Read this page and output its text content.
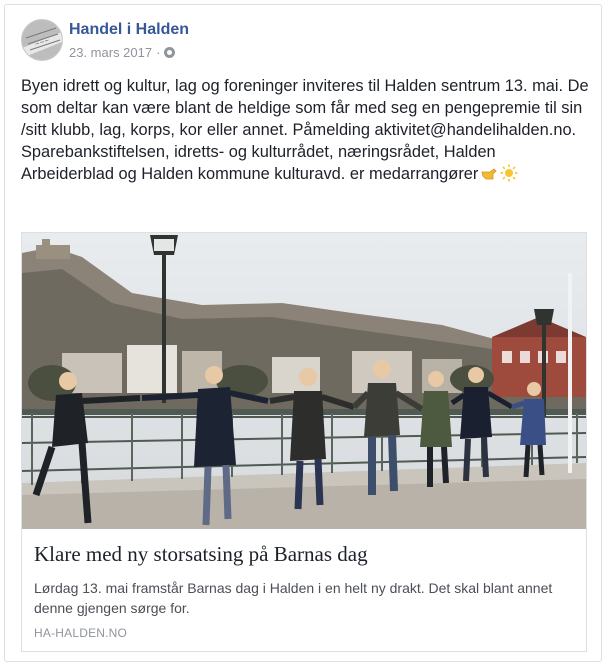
~~~
Handel i Halden
23. mars 2017 ·

Byen idrett og kultur, lag og foreninger inviteres til Halden sentrum 13. mai. De som deltar kan være blant de heldige som får med seg en pengepremie til sin /sitt klubb, lag, korps, kor eller annet. Påmelding aktivitet@handelihalden.no.

Sparebankstiftelsen, idretts- og kulturrådet, næringsrådet, Halden Arbeiderblad og Halden kommune kulturavd. er medarrangører

Klare med ny storsatsing på Barnas dag
Lørdag 13. mai framstår Barnas dag i Halden i en helt ny drakt. Det skal blant annet denne gjengen sørge for.
HA-HALDEN.NO
